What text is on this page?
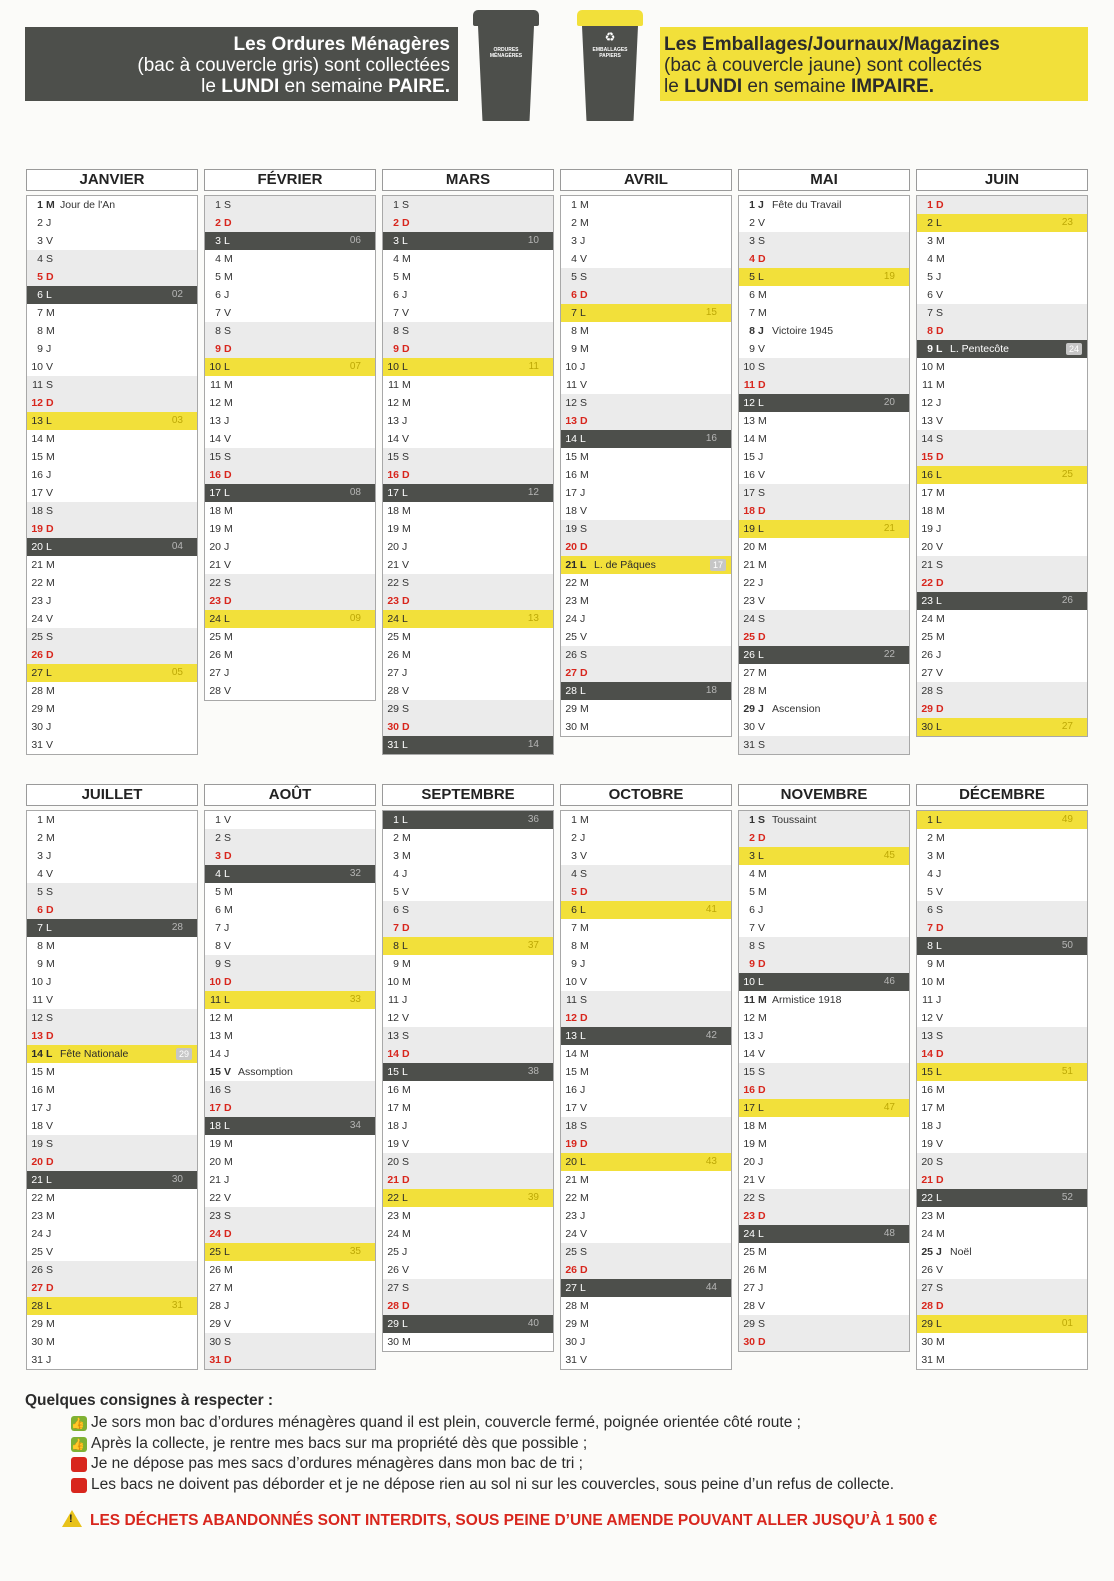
Les Ordures Ménagères
(bac à couvercle gris) sont collectées
le LUNDI en semaine PAIRE.
ORDURES MÉNAGÈRES
♻
EMBALLAGES PAPIERS
Les Emballages/Journaux/Magazines
(bac à couvercle jaune) sont collectés
le LUNDI en semaine IMPAIRE.
JANVIER
1 M Jour de l'An
2 J
3 V
4 S
5 D
6 L	02
7 M
8 M
9 J
10 V
11 S
12 D
13 L	03
14 M
15 M
16 J
17 V
18 S
19 D
20 L	04
21 M
22 M
23 J
24 V
25 S
26 D
27 L	05
28 M
29 M
30 J
31 V
FÉVRIER
1 S
2 D
3 L	06
4 M
5 M
6 J
7 V
8 S
9 D
10 L	07
11 M
12 M
13 J
14 V
15 S
16 D
17 L	08
18 M
19 M
20 J
21 V
22 S
23 D
24 L	09
25 M
26 M
27 J
28 V
MARS
1 S
2 D
3 L	10
4 M
5 M
6 J
7 V
8 S
9 D
10 L	11
11 M
12 M
13 J
14 V
15 S
16 D
17 L	12
18 M
19 M
20 J
21 V
22 S
23 D
24 L	13
25 M
26 M
27 J
28 V
29 S
30 D
31 L	14
AVRIL
1 M
2 M
3 J
4 V
5 S
6 D
7 L	15
8 M
9 M
10 J
11 V
12 S
13 D
14 L	16
15 M
16 M
17 J
18 V
19 S
20 D
21 L L. de Pâques	17
22 M
23 M
24 J
25 V
26 S
27 D
28 L	18
29 M
30 M
MAI
1 J Fête du Travail
2 V
3 S
4 D
5 L	19
6 M
7 M
8 J Victoire 1945
9 V
10 S
11 D
12 L	20
13 M
14 M
15 J
16 V
17 S
18 D
19 L	21
20 M
21 M
22 J
23 V
24 S
25 D
26 L	22
27 M
28 M
29 J Ascension
30 V
31 S
JUIN
1 D
2 L	23
3 M
4 M
5 J
6 V
7 S
8 D
9 L L. Pentecôte	24
10 M
11 M
12 J
13 V
14 S
15 D
16 L	25
17 M
18 M
19 J
20 V
21 S
22 D
23 L	26
24 M
25 M
26 J
27 V
28 S
29 D
30 L	27
JUILLET
1 M
2 M
3 J
4 V
5 S
6 D
7 L	28
8 M
9 M
10 J
11 V
12 S
13 D
14 L Fête Nationale	29
15 M
16 M
17 J
18 V
19 S
20 D
21 L	30
22 M
23 M
24 J
25 V
26 S
27 D
28 L	31
29 M
30 M
31 J
AOÛT
1 V
2 S
3 D
4 L	32
5 M
6 M
7 J
8 V
9 S
10 D
11 L	33
12 M
13 M
14 J
15 V Assomption
16 S
17 D
18 L	34
19 M
20 M
21 J
22 V
23 S
24 D
25 L	35
26 M
27 M
28 J
29 V
30 S
31 D
SEPTEMBRE
1 L	36
2 M
3 M
4 J
5 V
6 S
7 D
8 L	37
9 M
10 M
11 J
12 V
13 S
14 D
15 L	38
16 M
17 M
18 J
19 V
20 S
21 D
22 L	39
23 M
24 M
25 J
26 V
27 S
28 D
29 L	40
30 M
OCTOBRE
1 M
2 J
3 V
4 S
5 D
6 L	41
7 M
8 M
9 J
10 V
11 S
12 D
13 L	42
14 M
15 M
16 J
17 V
18 S
19 D
20 L	43
21 M
22 M
23 J
24 V
25 S
26 D
27 L	44
28 M
29 M
30 J
31 V
NOVEMBRE
1 S Toussaint
2 D
3 L	45
4 M
5 M
6 J
7 V
8 S
9 D
10 L	46
11 M Armistice 1918
12 M
13 J
14 V
15 S
16 D
17 L	47
18 M
19 M
20 J
21 V
22 S
23 D
24 L	48
25 M
26 M
27 J
28 V
29 S
30 D
DÉCEMBRE
1 L	49
2 M
3 M
4 J
5 V
6 S
7 D
8 L	50
9 M
10 M
11 J
12 V
13 S
14 D
15 L	51
16 M
17 M
18 J
19 V
20 S
21 D
22 L	52
23 M
24 M
25 J Noël
26 V
27 S
28 D
29 L	01
30 M
31 M
Quelques consignes à respecter :
👍
Je sors mon bac d’ordures ménagères quand il est plein, couvercle fermé, poignée orientée côté route ;
👍
Après la collecte, je rentre mes bacs sur ma propriété dès que possible ;
Je ne dépose pas mes sacs d’ordures ménagères dans mon bac de tri ;
Les bacs ne doivent pas déborder et je ne dépose rien au sol ni sur les couvercles, sous peine d’un refus de collecte.
! LES DÉCHETS ABANDONNÉS SONT INTERDITS, SOUS PEINE D’UNE AMENDE POUVANT ALLER JUSQU’À 1 500 €
